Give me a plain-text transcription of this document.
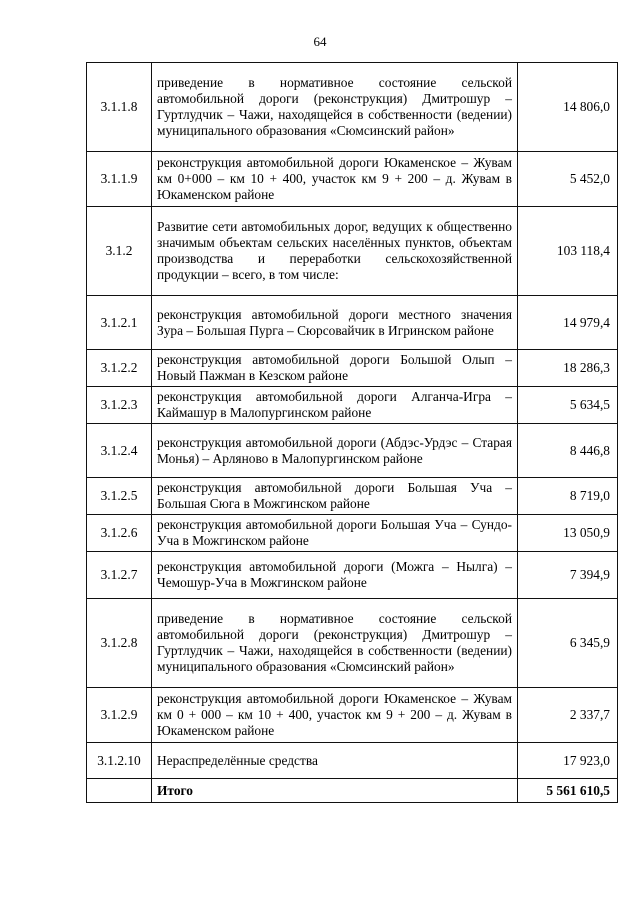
64
3.1.1.8	приведение в нормативное состояние сельской автомобильной дороги (реконструкция) Дмитрошур – Гуртлудчик – Чажи, находящейся в собственности (ведении) муниципального образования «Сюмсинский район»	14 806,0
3.1.1.9	реконструкция автомобильной дороги Юкаменское – Жувам км 0+000 – км 10 + 400, участок км 9 + 200 – д. Жувам в Юкаменском районе	5 452,0
3.1.2	Развитие сети автомобильных дорог, ведущих к общественно значимым объектам сельских населённых пунктов, объектам производства и переработки сельскохозяйственной продукции – всего, в том числе:	103 118,4
3.1.2.1	реконструкция автомобильной дороги местного значения Зура – Большая Пурга – Сюрсовайчик в Игринском районе	14 979,4
3.1.2.2	реконструкция автомобильной дороги Большой Олып – Новый Пажман в Кезском районе	18 286,3
3.1.2.3	реконструкция автомобильной дороги Алганча-Игра – Каймашур в Малопургинском районе	5 634,5
3.1.2.4	реконструкция автомобильной дороги (Абдэс-Урдэс – Старая Монья) – Арляново в Малопургинском районе	8 446,8
3.1.2.5	реконструкция автомобильной дороги Большая Уча – Большая Сюга в Можгинском районе	8 719,0
3.1.2.6	реконструкция автомобильной дороги Большая Уча – Сундо-Уча в Можгинском районе	13 050,9
3.1.2.7	реконструкция автомобильной дороги (Можга – Нылга) – Чемошур-Уча в Можгинском районе	7 394,9
3.1.2.8	приведение в нормативное состояние сельской автомобильной дороги (реконструкция) Дмитрошур – Гуртлудчик – Чажи, находящейся в собственности (ведении) муниципального образования «Сюмсинский район»	6 345,9
3.1.2.9	реконструкция автомобильной дороги Юкаменское – Жувам км 0 + 000 – км 10 + 400, участок км 9 + 200 – д. Жувам в Юкаменском районе	2 337,7
3.1.2.10	Нераспределённые средства	17 923,0
	Итого	5 561 610,5
